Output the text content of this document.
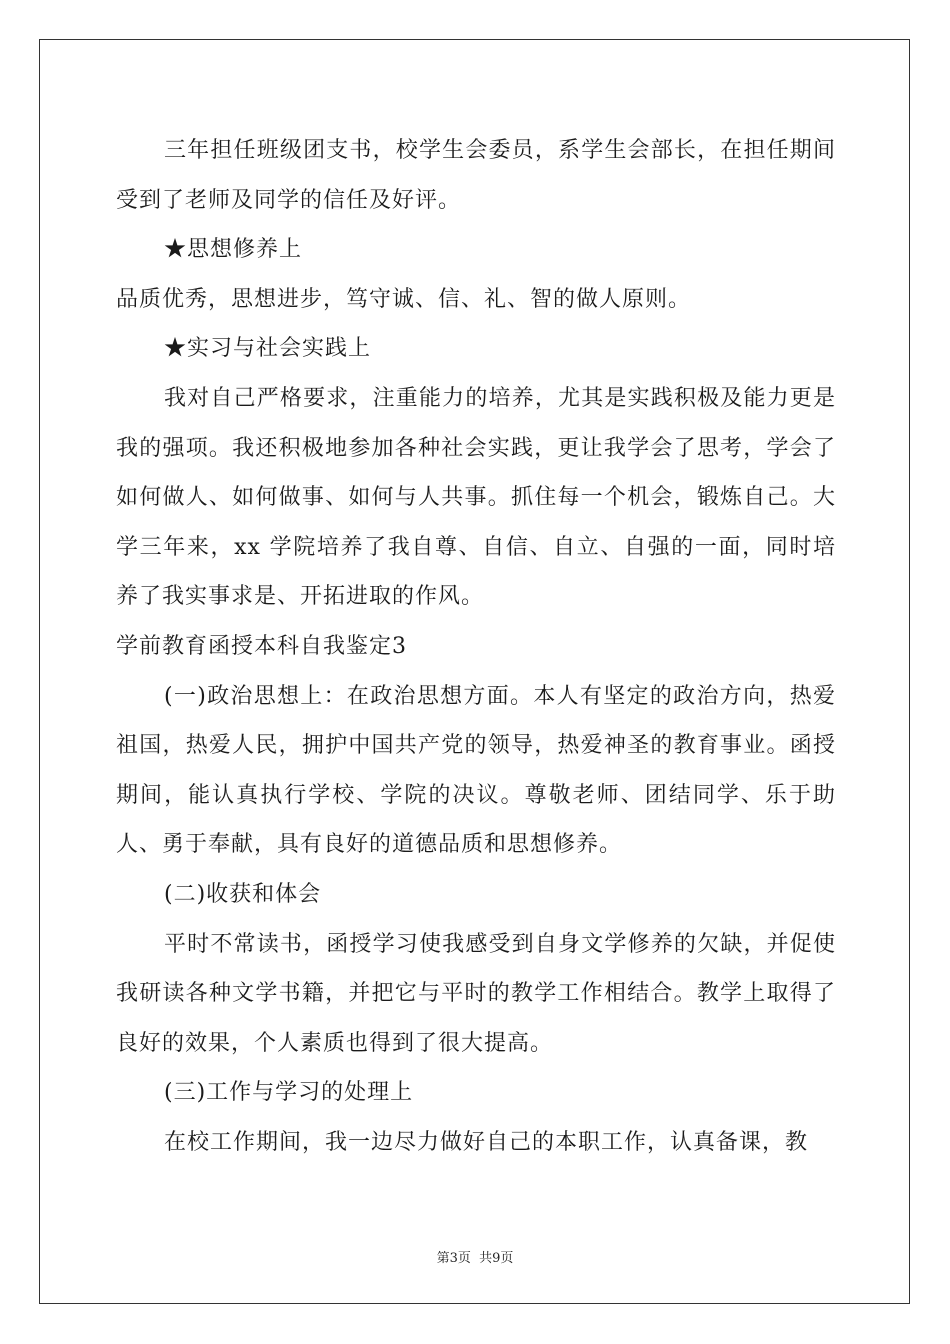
三年担任班级团支书，校学生会委员，系学生会部长，在担任期间受到了老师及同学的信任及好评。

★思想修养上

品质优秀，思想进步，笃守诚、信、礼、智的做人原则。

★实习与社会实践上

我对自己严格要求，注重能力的培养，尤其是实践积极及能力更是我的强项。我还积极地参加各种社会实践，更让我学会了思考，学会了如何做人、如何做事、如何与人共事。抓住每一个机会，锻炼自己。大学三年来，xx 学院培养了我自尊、自信、自立、自强的一面，同时培养了我实事求是、开拓进取的作风。

学前教育函授本科自我鉴定3

(一)政治思想上：在政治思想方面。本人有坚定的政治方向，热爱祖国，热爱人民，拥护中国共产党的领导，热爱神圣的教育事业。函授期间，能认真执行学校、学院的决议。尊敬老师、团结同学、乐于助人、勇于奉献，具有良好的道德品质和思想修养。

(二)收获和体会

平时不常读书，函授学习使我感受到自身文学修养的欠缺，并促使我研读各种文学书籍，并把它与平时的教学工作相结合。教学上取得了良好的效果，个人素质也得到了很大提高。

(三)工作与学习的处理上

在校工作期间，我一边尽力做好自己的本职工作，认真备课，教

第3页 共9页
